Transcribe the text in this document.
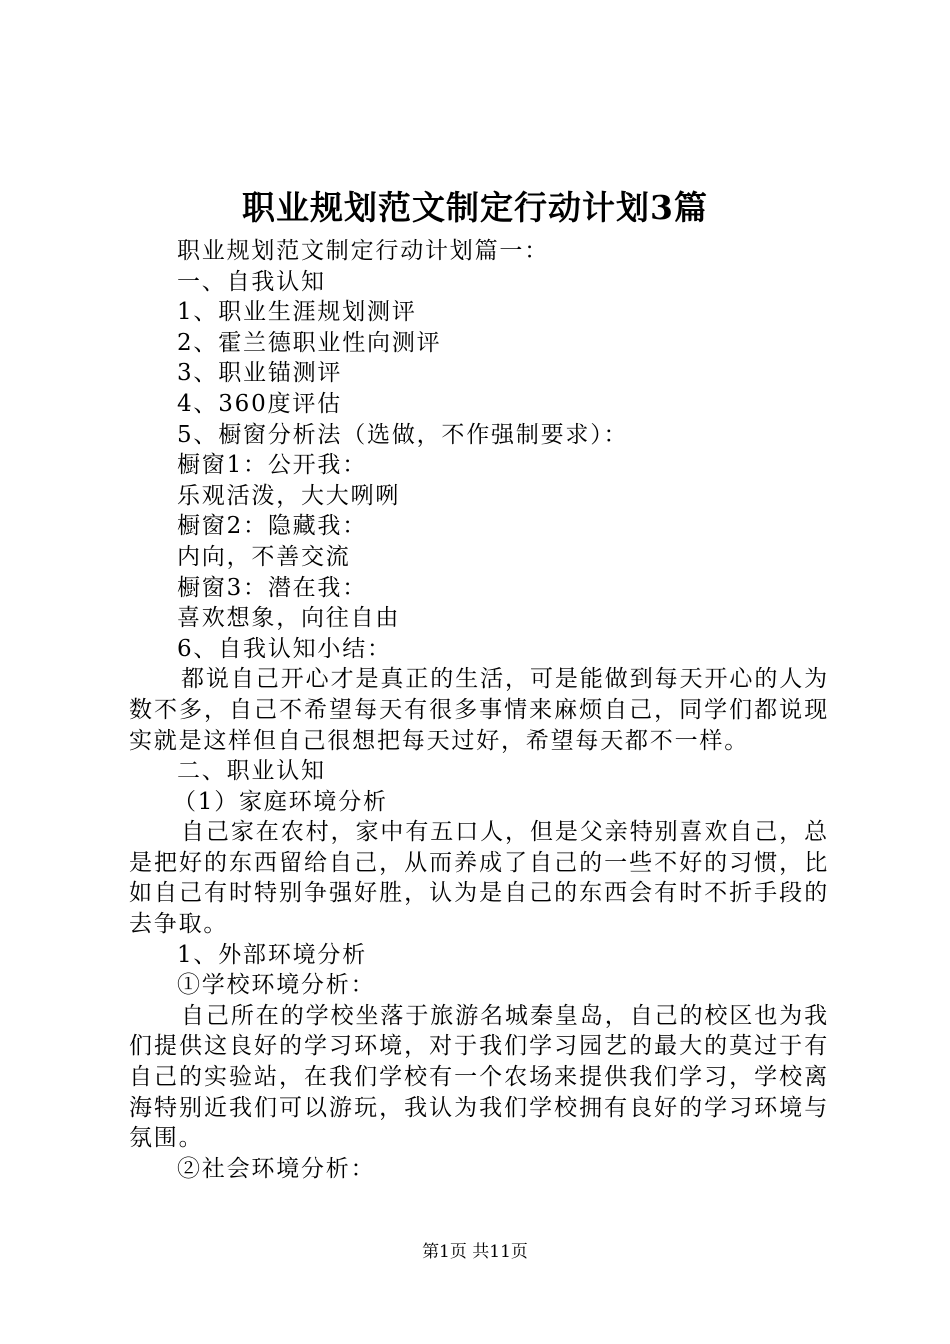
职业规划范文制定行动计划3篇
职业规划范文制定行动计划篇一：
一、自我认知
1、职业生涯规划测评
2、霍兰德职业性向测评
3、职业锚测评
4、360度评估
5、橱窗分析法（选做，不作强制要求）：
橱窗1：公开我：
乐观活泼，大大咧咧
橱窗2：隐藏我：
内向，不善交流
橱窗3：潜在我：
喜欢想象，向往自由
6、自我认知小结：
都说自己开心才是真正的生活，可是能做到每天开心的人为数不多，自己不希望每天有很多事情来麻烦自己，同学们都说现实就是这样但自己很想把每天过好，希望每天都不一样。
二、职业认知
（1）家庭环境分析
自己家在农村，家中有五口人，但是父亲特别喜欢自己，总是把好的东西留给自己，从而养成了自己的一些不好的习惯，比如自己有时特别争强好胜，认为是自己的东西会有时不折手段的去争取。
1、外部环境分析
①学校环境分析：
自己所在的学校坐落于旅游名城秦皇岛，自己的校区也为我们提供这良好的学习环境，对于我们学习园艺的最大的莫过于有自己的实验站，在我们学校有一个农场来提供我们学习，学校离海特别近我们可以游玩，我认为我们学校拥有良好的学习环境与氛围。
②社会环境分析：
第1页 共11页
